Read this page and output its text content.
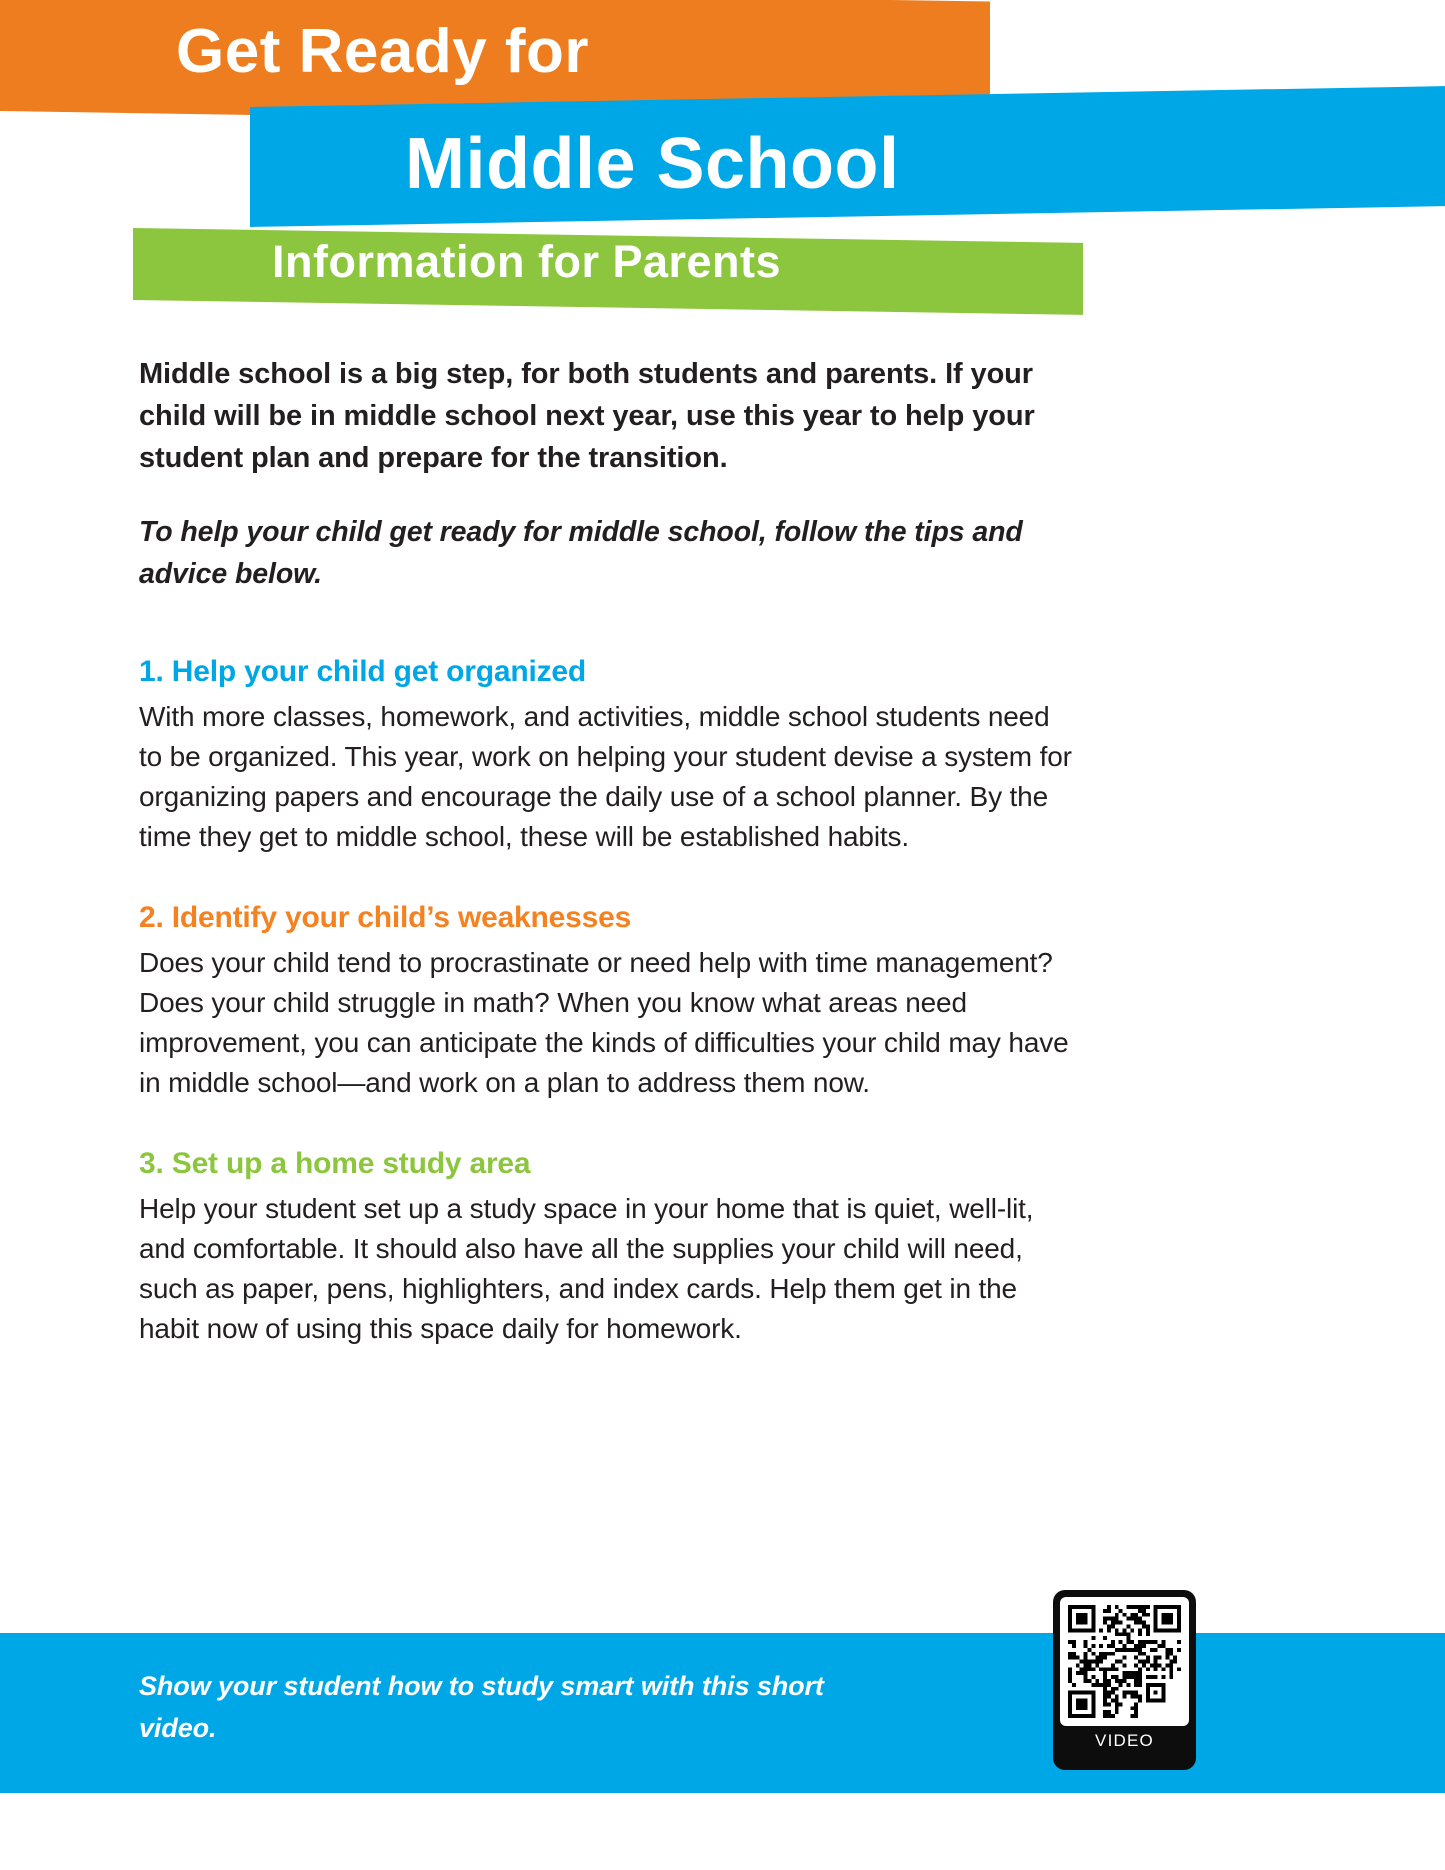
Get Ready for
Middle School
Information for Parents

Middle school is a big step, for both students and parents. If your child will be in middle school next year, use this year to help your student plan and prepare for the transition.

To help your child get ready for middle school, follow the tips and advice below.

1. Help your child get organized

With more classes, homework, and activities, middle school students need to be organized. This year, work on helping your student devise a system for organizing papers and encourage the daily use of a school planner. By the time they get to middle school, these will be established habits.

2. Identify your child’s weaknesses

Does your child tend to procrastinate or need help with time management? Does your child struggle in math? When you know what areas need improvement, you can anticipate the kinds of difficulties your child may have in middle school—and work on a plan to address them now.

3. Set up a home study area

Help your student set up a study space in your home that is quiet, well-lit, and comfortable. It should also have all the supplies your child will need, such as paper, pens, highlighters, and index cards. Help them get in the habit now of using this space daily for homework.

Show your student how to study smart with this short video.	VIDEO
